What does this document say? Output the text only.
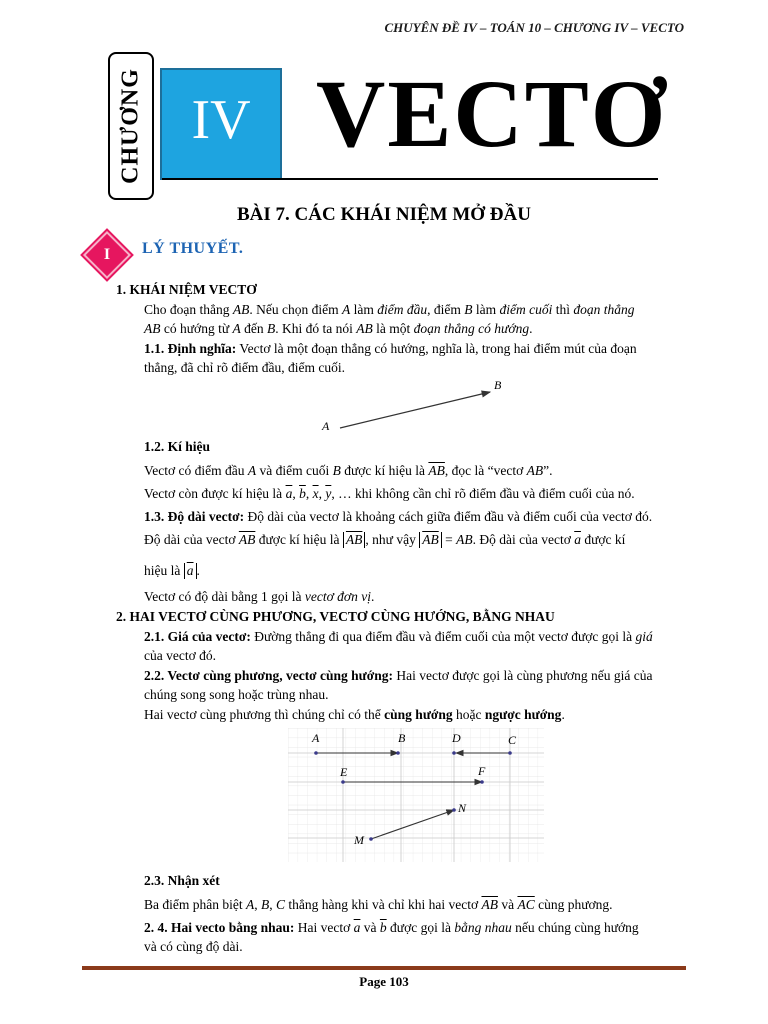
CHUYÊN ĐỀ IV – TOÁN 10 – CHƯƠNG IV – VECTO
CHƯƠNG IV VECTƠ
BÀI 7. CÁC KHÁI NIỆM MỞ ĐẦU
I	LÝ THUYẾT.
1. KHÁI NIỆM VECTƠ
Cho đoạn thẳng AB. Nếu chọn điểm A làm điểm đầu, điểm B làm điểm cuối thì đoạn thẳng
AB có hướng từ A đến B. Khi đó ta nói AB là một đoạn thẳng có hướng.
1.1. Định nghĩa: Vectơ là một đoạn thẳng có hướng, nghĩa là, trong hai điểm mút của đoạn
thẳng, đã chỉ rõ điểm đầu, điểm cuối.
A
B
1.2. Kí hiệu
Vectơ có điểm đầu A và điểm cuối B được kí hiệu là $\overline{AB}$, đọc là “vectơ AB”.
Vectơ còn được kí hiệu là $\overline{a}$, $\overline{b}$, $\overline{x}$, $\overline{y}$, … khi không cần chỉ rõ điểm đầu và điểm cuối của nó.
1.3. Độ dài vectơ: Độ dài của vectơ là khoảng cách giữa điểm đầu và điểm cuối của vectơ đó.
Độ dài của vectơ $\overline{AB}$ được kí hiệu là $\overline{AB}$ , như vậy $\overline{AB}$ = AB. Độ dài của vectơ $\overline{a}$ được kí
hiệu là $\overline{a}$ .
Vectơ có độ dài bằng 1 gọi là vectơ đơn vị.
2. HAI VECTƠ CÙNG PHƯƠNG, VECTƠ CÙNG HƯỚNG, BẰNG NHAU
2.1. Giá của vectơ: Đường thẳng đi qua điểm đầu và điểm cuối của một vectơ được gọi là giá
của vectơ đó.
2.2. Vectơ cùng phương, vectơ cùng hướng: Hai vectơ được gọi là cùng phương nếu giá của
chúng song song hoặc trùng nhau.
Hai vectơ cùng phương thì chúng chỉ có thể cùng hướng hoặc ngược hướng.
A	B	D	C
E	F
M
N
2.3. Nhận xét
Ba điểm phân biệt A, B, C thẳng hàng khi và chỉ khi hai vectơ $\overline{AB}$ và $\overline{AC}$ cùng phương.
2. 4. Hai vecto bằng nhau: Hai vectơ $\overline{a}$ và $\overline{b}$ được gọi là bằng nhau nếu chúng cùng hướng
và có cùng độ dài.
Page 103
